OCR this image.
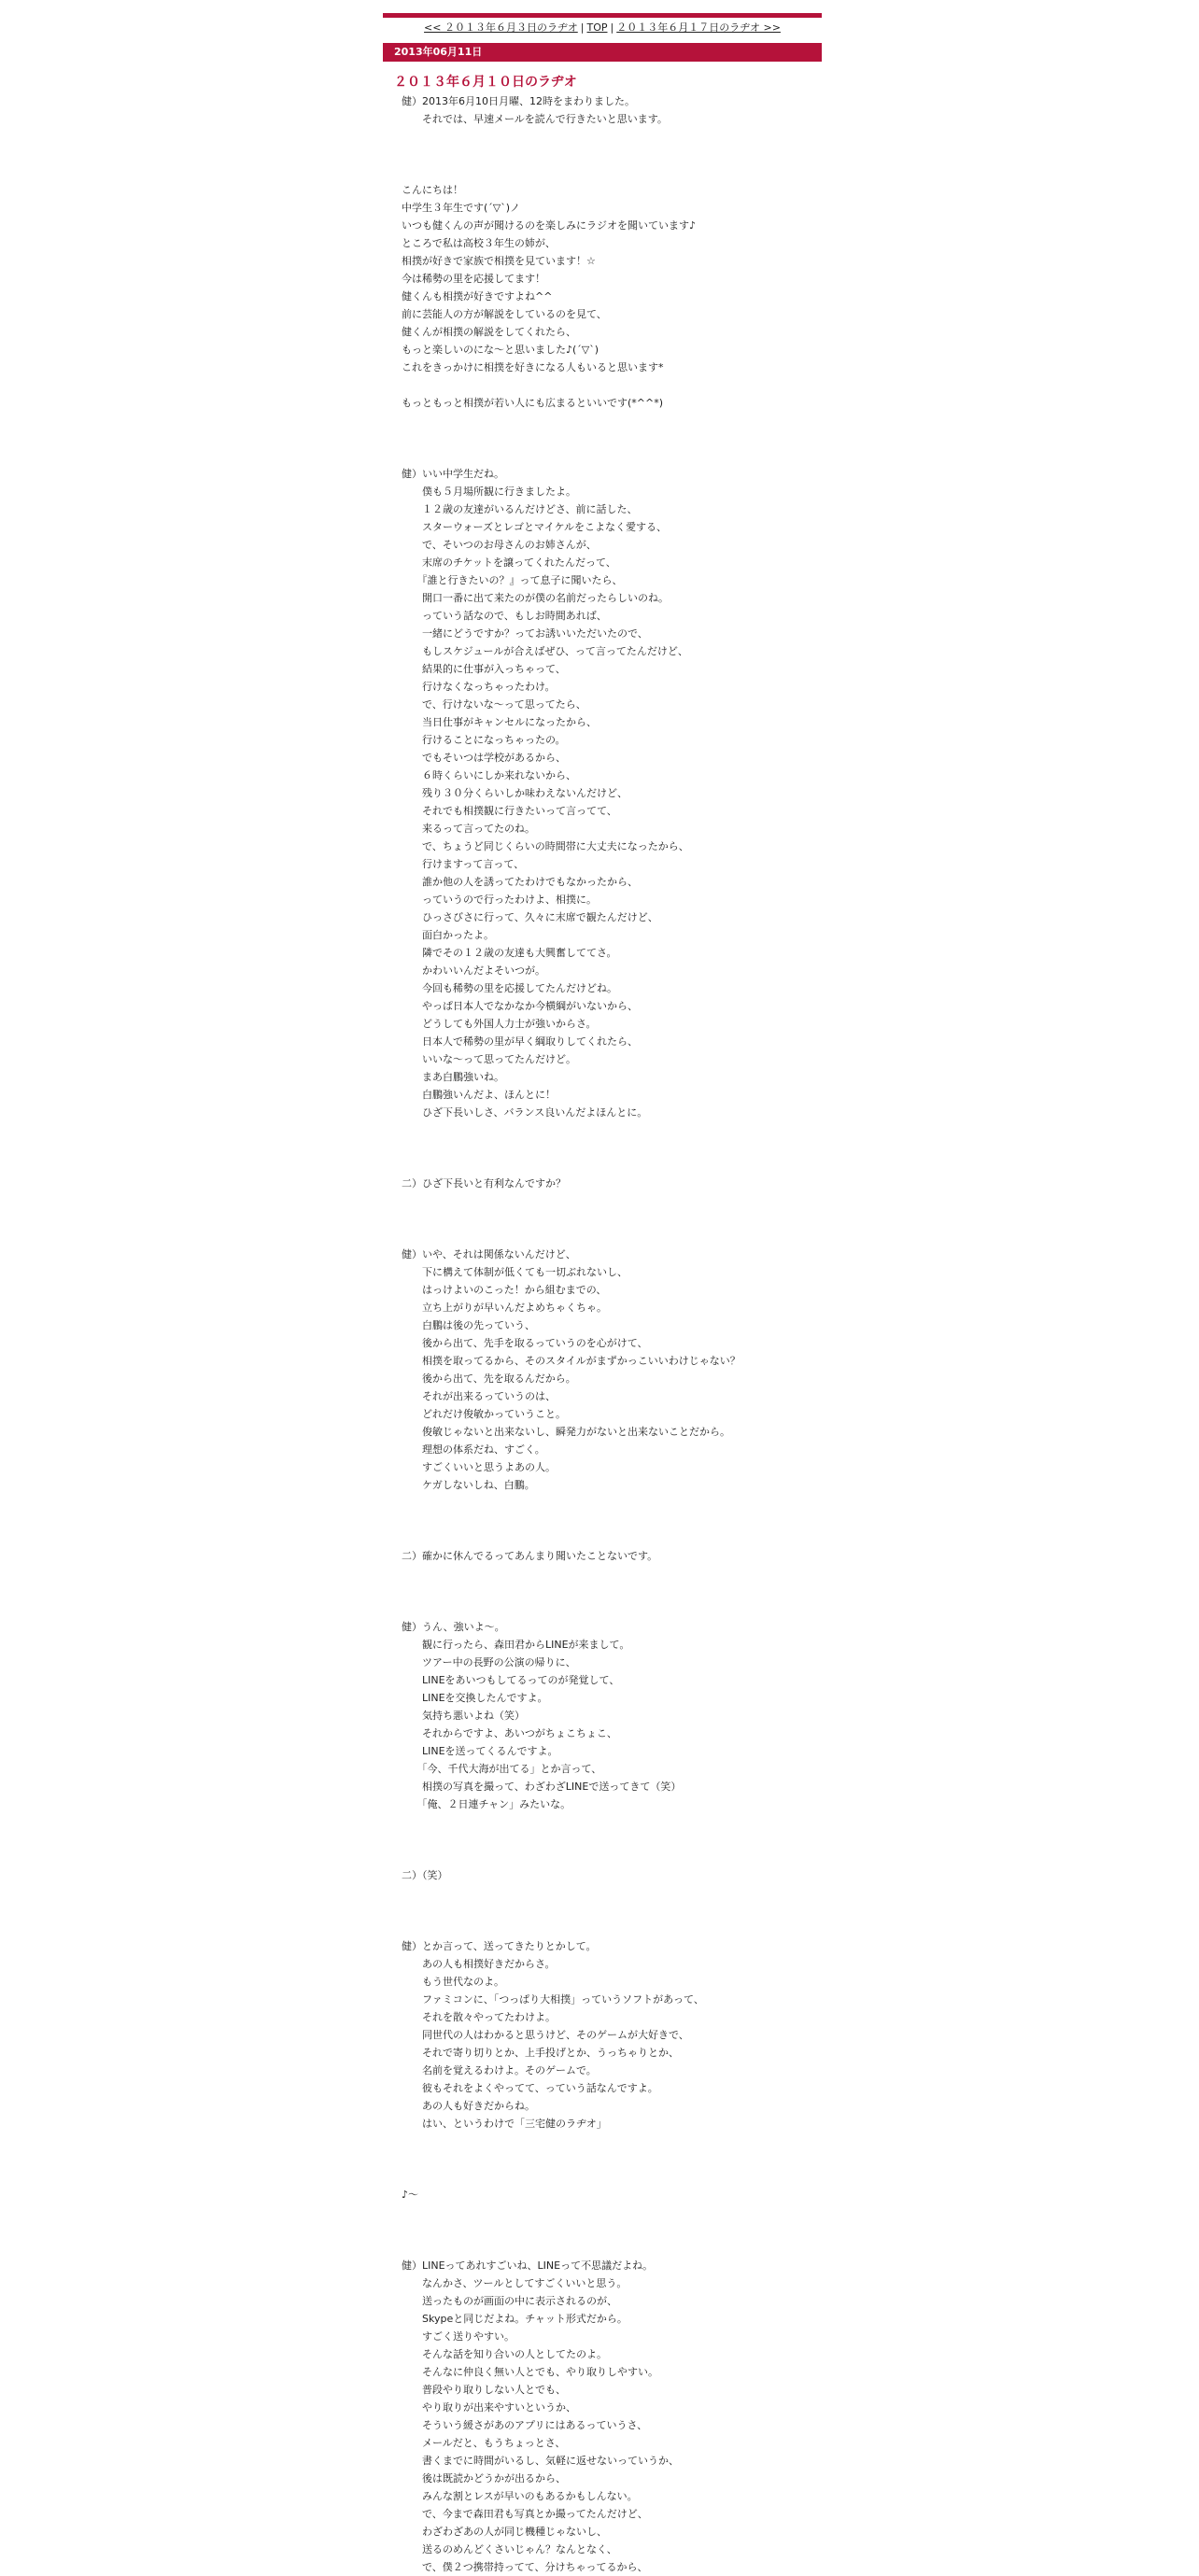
<< ２０１３年６月３日のラヂオ | TOP | ２０１３年６月１７日のラヂオ >>
2013年06月11日
２０１３年６月１０日のラヂオ
健）2013年6月10日月曜、12時をまわりました。
　　それでは、早速メールを読んで行きたいと思います。
こんにちは！
中学生３年生です(´▽`)ノ
いつも健くんの声が聞けるのを楽しみにラジオを聞いています♪
ところで私は高校３年生の姉が、
相撲が好きで家族で相撲を見ています！☆
今は稀勢の里を応援してます！
健くんも相撲が好きですよね^^
前に芸能人の方が解説をしているのを見て、
健くんが相撲の解説をしてくれたら、
もっと楽しいのにな～と思いました♪(´▽`)
これをきっかけに相撲を好きになる人もいると思います*
もっともっと相撲が若い人にも広まるといいです(*^^*)
健）いい中学生だね。
　　僕も５月場所観に行きましたよ。
　　１２歳の友達がいるんだけどさ、前に話した、
　　スターウォーズとレゴとマイケルをこよなく愛する、
　　で、そいつのお母さんのお姉さんが、
　　末席のチケットを譲ってくれたんだって、
　　『誰と行きたいの？』って息子に聞いたら、
　　開口一番に出て来たのが僕の名前だったらしいのね。
　　っていう話なので、もしお時間あれば、
　　一緒にどうですか？ってお誘いいただいたので、
　　もしスケジュールが合えばぜひ、って言ってたんだけど、
　　結果的に仕事が入っちゃって、
　　行けなくなっちゃったわけ。
　　で、行けないな～って思ってたら、
　　当日仕事がキャンセルになったから、
　　行けることになっちゃったの。
　　でもそいつは学校があるから、
　　６時くらいにしか来れないから、
　　残り３０分くらいしか味わえないんだけど、
　　それでも相撲観に行きたいって言ってて、
　　来るって言ってたのね。
　　で、ちょうど同じくらいの時間帯に大丈夫になったから、
　　行けますって言って、
　　誰か他の人を誘ってたわけでもなかったから、
　　っていうので行ったわけよ、相撲に。
　　ひっさびさに行って、久々に末席で観たんだけど、
　　面白かったよ。
　　隣でその１２歳の友達も大興奮しててさ。
　　かわいいんだよそいつが。
　　今回も稀勢の里を応援してたんだけどね。
　　やっぱ日本人でなかなか今横綱がいないから、
　　どうしても外国人力士が強いからさ。
　　日本人で稀勢の里が早く綱取りしてくれたら、
　　いいな～って思ってたんだけど。
　　まあ白鵬強いね。
　　白鵬強いんだよ、ほんとに！
　　ひざ下長いしさ、バランス良いんだよほんとに。
二）ひざ下長いと有利なんですか？
健）いや、それは関係ないんだけど、
　　下に構えて体制が低くても一切ぶれないし、
　　はっけよいのこった！から組むまでの、
　　立ち上がりが早いんだよめちゃくちゃ。
　　白鵬は後の先っていう、
　　後から出て、先手を取るっていうのを心がけて、
　　相撲を取ってるから、そのスタイルがまずかっこいいわけじゃない？
　　後から出て、先を取るんだから。
　　それが出来るっていうのは、
　　どれだけ俊敏かっていうこと。
　　俊敏じゃないと出来ないし、瞬発力がないと出来ないことだから。
　　理想の体系だね、すごく。
　　すごくいいと思うよあの人。
　　ケガしないしね、白鵬。
二）確かに休んでるってあんまり聞いたことないです。
健）うん、強いよ～。
　　観に行ったら、森田君からLINEが来まして。
　　ツアー中の長野の公演の帰りに、
　　LINEをあいつもしてるってのが発覚して、
　　LINEを交換したんですよ。
　　気持ち悪いよね（笑）
　　それからですよ、あいつがちょこちょこ、
　　LINEを送ってくるんですよ。
　　「今、千代大海が出てる」とか言って、
　　相撲の写真を撮って、わざわざLINEで送ってきて（笑）
　　「俺、２日連チャン」みたいな。
二）（笑）
健）とか言って、送ってきたりとかして。
　　あの人も相撲好きだからさ。
　　もう世代なのよ。
　　ファミコンに、「つっぱり大相撲」っていうソフトがあって、
　　それを散々やってたわけよ。
　　同世代の人はわかると思うけど、そのゲームが大好きで、
　　それで寄り切りとか、上手投げとか、うっちゃりとか、
　　名前を覚えるわけよ。そのゲームで。
　　彼もそれをよくやってて、っていう話なんですよ。
　　あの人も好きだからね。
　　はい、というわけで「三宅健のラヂオ」
♪～
健）LINEってあれすごいね、LINEって不思議だよね。
　　なんかさ、ツールとしてすごくいいと思う。
　　送ったものが画面の中に表示されるのが、
　　Skypeと同じだよね。チャット形式だから。
　　すごく送りやすい。
　　そんな話を知り合いの人としてたのよ。
　　そんなに仲良く無い人とでも、やり取りしやすい。
　　普段やり取りしない人とでも、
　　やり取りが出来やすいというか、
　　そういう緩さがあのアプリにはあるっていうさ、
　　メールだと、もうちょっとさ、
　　書くまでに時間がいるし、気軽に返せないっていうか、
　　後は既読かどうかが出るから、
　　みんな割とレスが早いのもあるかもしんない。
　　で、今まで森田君も写真とか撮ってたんだけど、
　　わざわざあの人が同じ機種じゃないし、
　　送るのめんどくさいじゃん？なんとなく、
　　で、僕２つ携帯持ってて、分けちゃってるから、
